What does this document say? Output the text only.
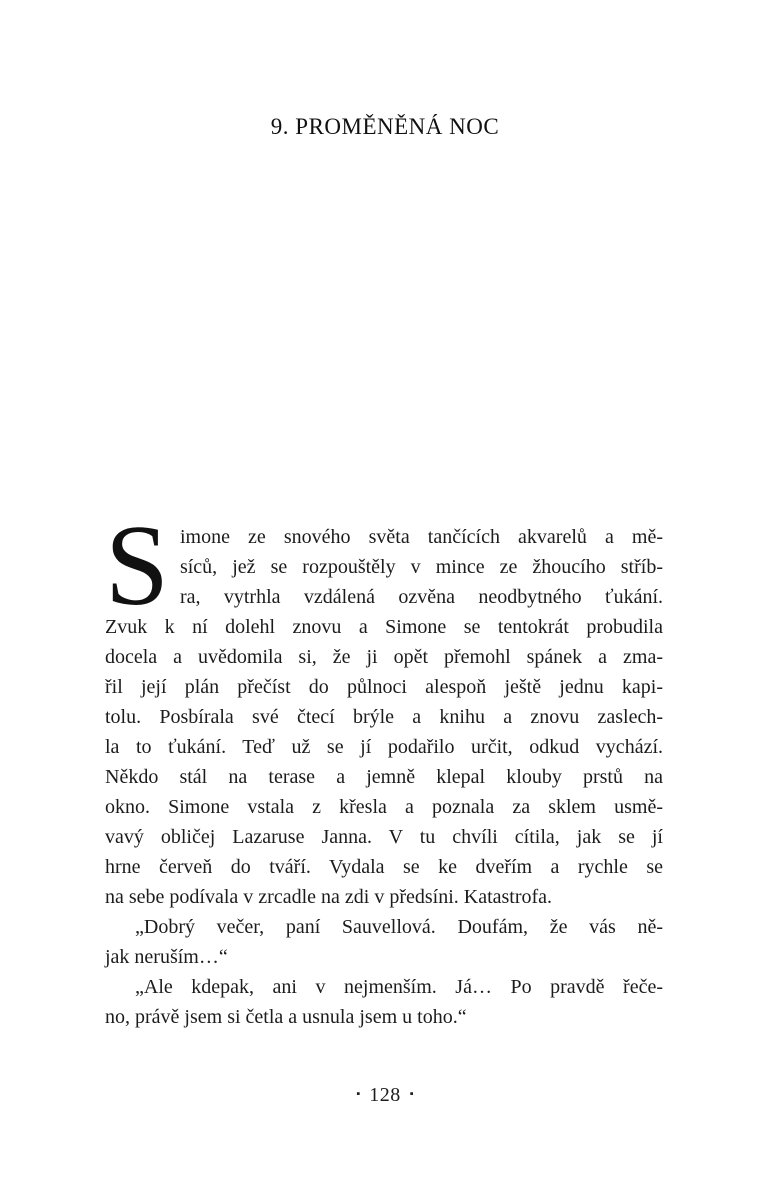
9. PROMĚNĚNÁ NOC
S imone ze snového světa tančících akvarelů a mě-
síců, jež se rozpouštěly v mince ze žhoucího stříb-
ra, vytrhla vzdálená ozvěna neodbytného ťukání.
Zvuk k ní dolehl znovu a Simone se tentokrát probudila
docela a uvědomila si, že ji opět přemohl spánek a zma-
řil její plán přečíst do půlnoci alespoň ještě jednu kapi-
tolu. Posbírala své čtecí brýle a knihu a znovu zaslech-
la to ťukání. Teď už se jí podařilo určit, odkud vychází.
Někdo stál na terase a jemně klepal klouby prstů na
okno. Simone vstala z křesla a poznala za sklem usmě-
vavý obličej Lazaruse Janna. V tu chvíli cítila, jak se jí
hrne červeň do tváří. Vydala se ke dveřím a rychle se
na sebe podívala v zrcadle na zdi v předsíni. Katastrofa.
„Dobrý večer, paní Sauvellová. Doufám, že vás ně-
jak neruším…“
„Ale kdepak, ani v nejmenším. Já… Po pravdě řeče-
no, právě jsem si četla a usnula jsem u toho.“
▪ 128 ▪
